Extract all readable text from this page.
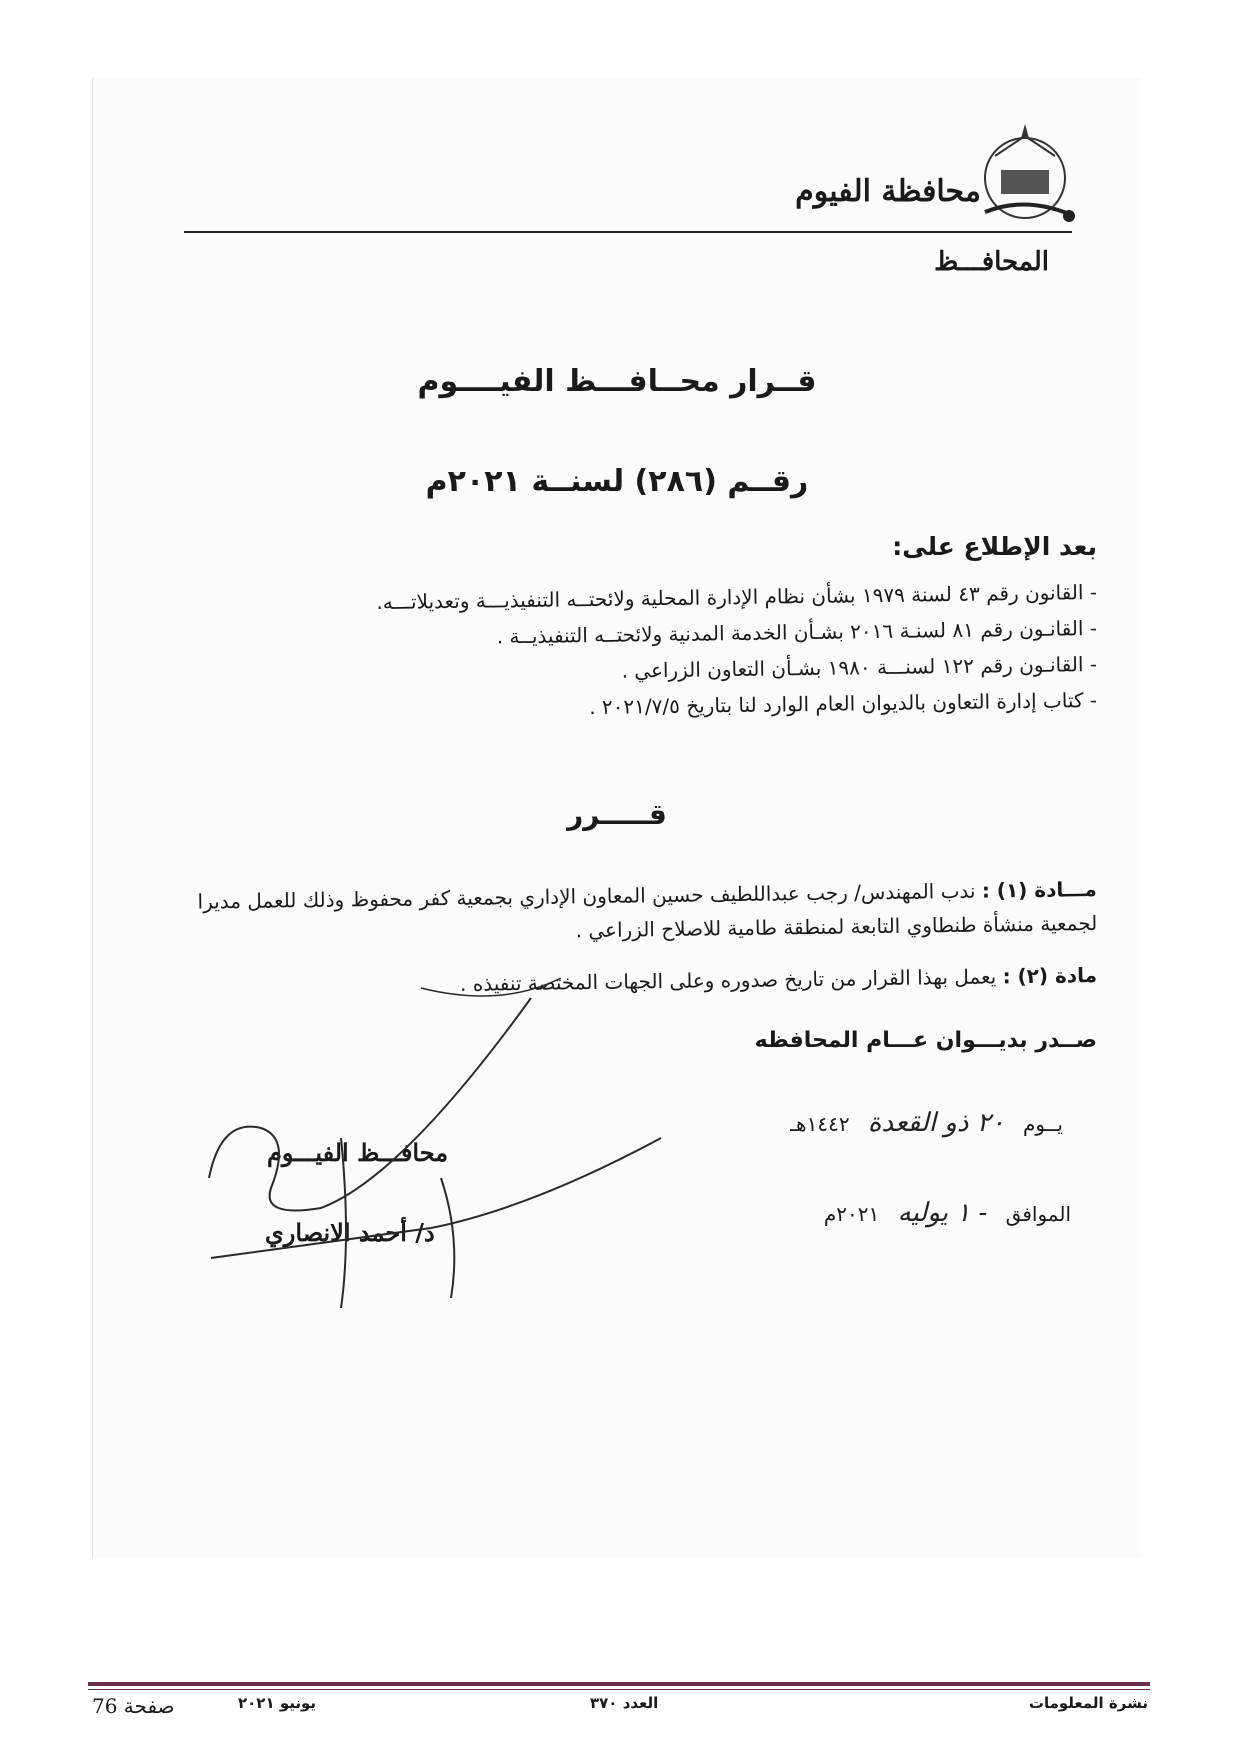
محافظة الفيوم
المحافـــظ
قــرار محــافـــظ الفيــــوم
رقــم (٢٨٦) لسنــة ٢٠٢١م
بعد الإطلاع على:
- القانون رقم ٤٣ لسنة ١٩٧٩ بشأن نظام الإدارة المحلية ولائحتــه التنفيذيـــة وتعديلاتـــه.
- القانـون رقم ٨١ لسنـة ٢٠١٦ بشـأن الخدمة المدنية ولائحتــه التنفيذيــة .
- القانـون رقم ١٢٢ لسنـــة ١٩٨٠ بشـأن التعاون الزراعي .
- كتاب إدارة التعاون بالديوان العام الوارد لنا بتاريخ ٢٠٢١/٧/٥ .
قـــــرر
مـــادة (١) : ندب المهندس/ رجب عبداللطيف حسين المعاون الإداري بجمعية كفر محفوظ وذلك للعمل مديرا لجمعية منشأة طنطاوي التابعة لمنطقة طامية للاصلاح الزراعي .
مادة (٢) : يعمل بهذا القرار من تاريخ صدوره وعلى الجهات المختصة تنفيذه .
صــدر بديـــوان عـــام المحافظه
يــوم ٢٠ ذو القعدة ١٤٤٢هـ
الموافق - ١ يوليه ٢٠٢١م
محافـــظ الفيـــوم
د/ أحمد الانصاري
نشرة المعلومات
العدد ٣٧٠
يونيو ٢٠٢١
صفحة 76
